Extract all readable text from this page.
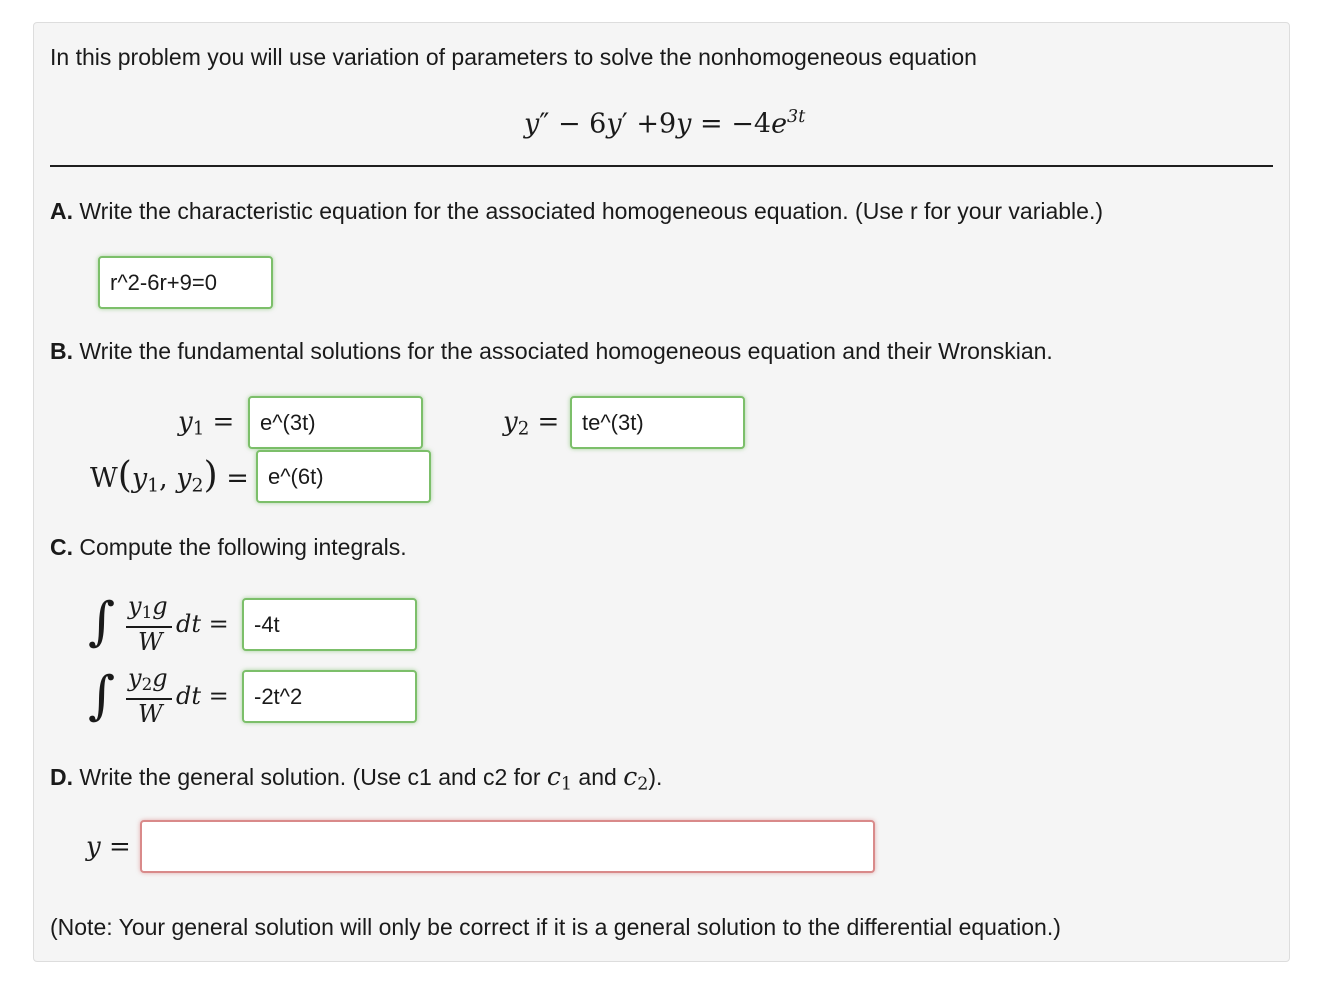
In this problem you will use variation of parameters to solve the nonhomogeneous equation
$y'' - 6y' +9y = -4e^{3t}$
A. Write the characteristic equation for the associated homogeneous equation. (Use r for your variable.)
r^2-6r+9=0
B. Write the fundamental solutions for the associated homogeneous equation and their Wronskian.
$y_1$ =	e^(3t)	$y_2$ =	te^(3t)
$W(y_1$, $y_2$) = e^(6t)
C. Compute the following integrals.
∫ $y_1g$
W
dt =	-4t
∫ $y_2g$
W
dt =	-2t^2
D. Write the general solution. (Use c1 and c2 for $c_1$ and $c_2$).
y =
(Note: Your general solution will only be correct if it is a general solution to the differential equation.)
